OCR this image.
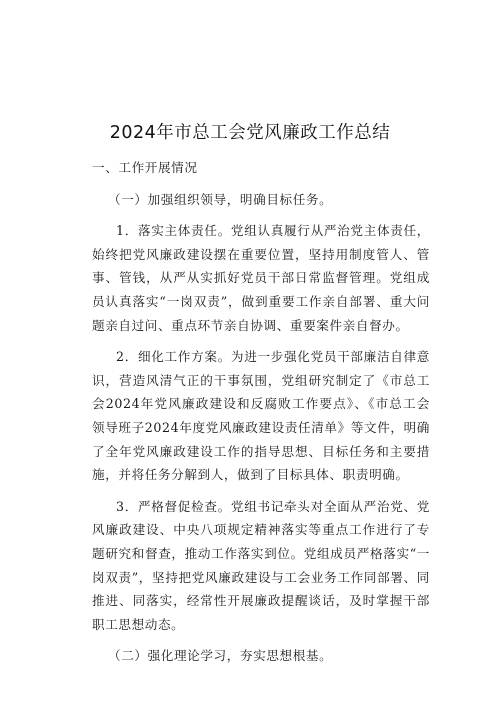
2024年市总工会党风廉政工作总结

一、工作开展情况

（一）加强组织领导，明确目标任务。

1．落实主体责任。党组认真履行从严治党主体责任，始终把党风廉政建设摆在重要位置，坚持用制度管人、管事、管钱，从严从实抓好党员干部日常监督管理。党组成员认真落实“一岗双责”，做到重要工作亲自部署、重大问题亲自过问、重点环节亲自协调、重要案件亲自督办。

2．细化工作方案。为进一步强化党员干部廉洁自律意识，营造风清气正的干事氛围，党组研究制定了《市总工会2024年党风廉政建设和反腐败工作要点》、《市总工会领导班子2024年度党风廉政建设责任清单》等文件，明确了全年党风廉政建设工作的指导思想、目标任务和主要措施，并将任务分解到人，做到了目标具体、职责明确。

3．严格督促检查。党组书记牵头对全面从严治党、党风廉政建设、中央八项规定精神落实等重点工作进行了专题研究和督查，推动工作落实到位。党组成员严格落实“一岗双责”，坚持把党风廉政建设与工会业务工作同部署、同推进、同落实，经常性开展廉政提醒谈话，及时掌握干部职工思想动态。

（二）强化理论学习，夯实思想根基。
